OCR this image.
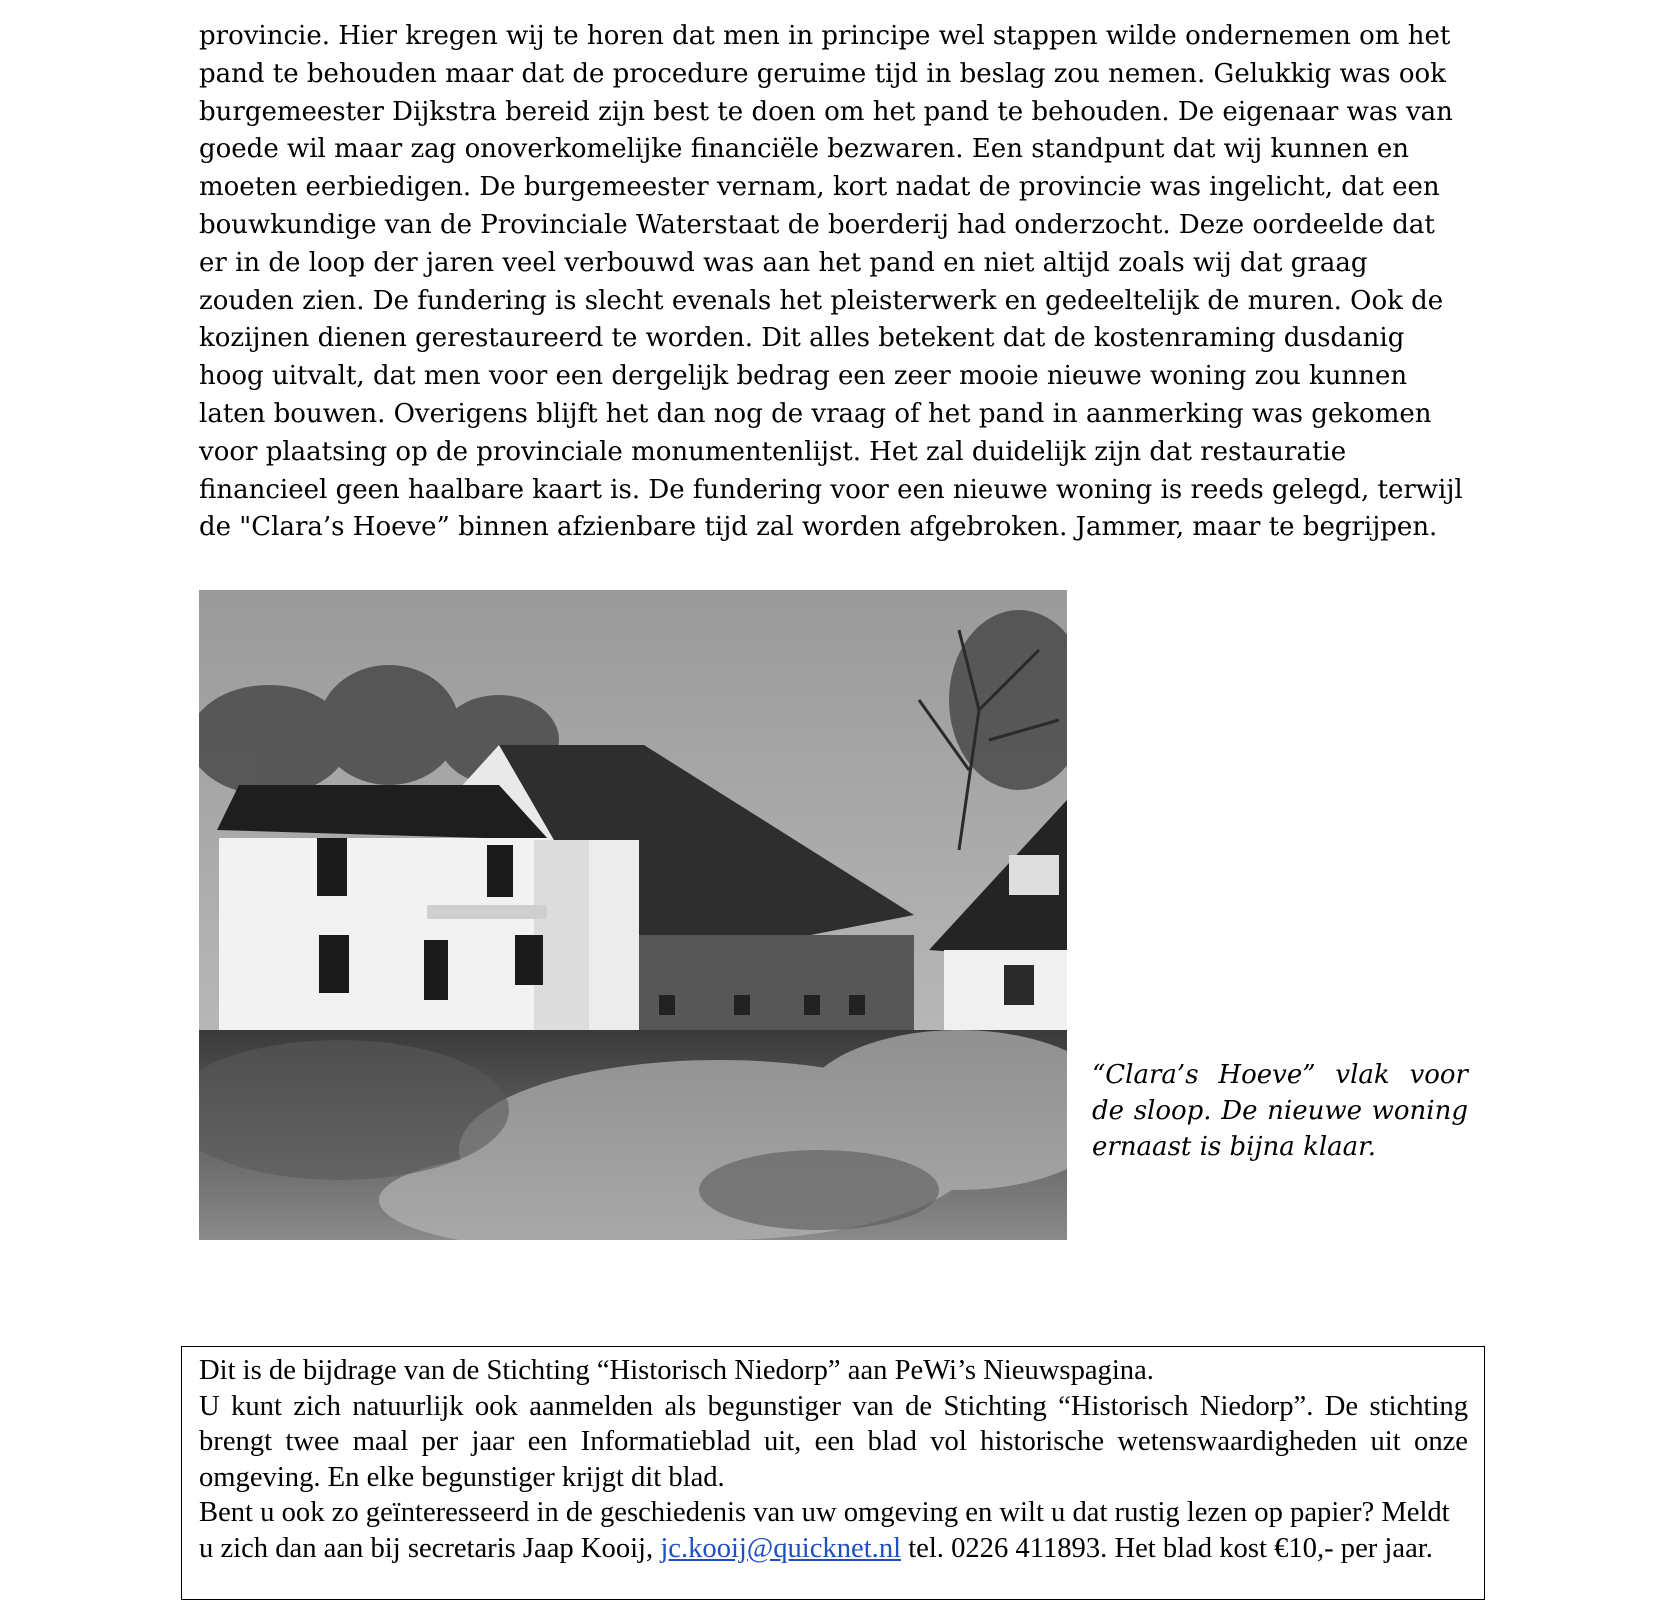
provincie. Hier kregen wij te horen dat men in principe wel stappen wilde ondernemen om het pand te behouden maar dat de procedure geruime tijd in beslag zou nemen. Gelukkig was ook burgemeester Dijkstra bereid zijn best te doen om het pand te behouden. De eigenaar was van goede wil maar zag onoverkomelijke financiële bezwaren. Een standpunt dat wij kunnen en moeten eerbiedigen. De burgemeester vernam, kort nadat de provincie was ingelicht, dat een bouwkundige van de Provinciale Waterstaat de boerderij had onderzocht. Deze oordeelde dat er in de loop der jaren veel verbouwd was aan het pand en niet altijd zoals wij dat graag zouden zien. De fundering is slecht evenals het pleisterwerk en gedeeltelijk de muren. Ook de kozijnen dienen gerestaureerd te worden. Dit alles betekent dat de kostenraming dusdanig hoog uitvalt, dat men voor een dergelijk bedrag een zeer mooie nieuwe woning zou kunnen laten bouwen. Overigens blijft het dan nog de vraag of het pand in aanmerking was gekomen voor plaatsing op de provinciale monumentenlijst. Het zal duidelijk zijn dat restauratie financieel geen haalbare kaart is. De fundering voor een nieuwe woning is reeds gelegd, terwijl de "Clara’s Hoeve” binnen afzienbare tijd zal worden afgebroken. Jammer, maar te begrijpen.

“Clara’s Hoeve” vlak voor de sloop. De nieuwe woning ernaast is bijna klaar.

Dit is de bijdrage van de Stichting “Historisch Niedorp” aan PeWi’s Nieuwspagina.

U kunt zich natuurlijk ook aanmelden als begunstiger van de Stichting “Historisch Niedorp”. De stichting brengt twee maal per jaar een Informatieblad uit, een blad vol historische wetenswaardigheden uit onze omgeving. En elke begunstiger krijgt dit blad.

Bent u ook zo geïnteresseerd in de geschiedenis van uw omgeving en wilt u dat rustig lezen op papier? Meldt u zich dan aan bij secretaris Jaap Kooij, jc.kooij@quicknet.nl tel. 0226 411893. Het blad kost €10,- per jaar.
